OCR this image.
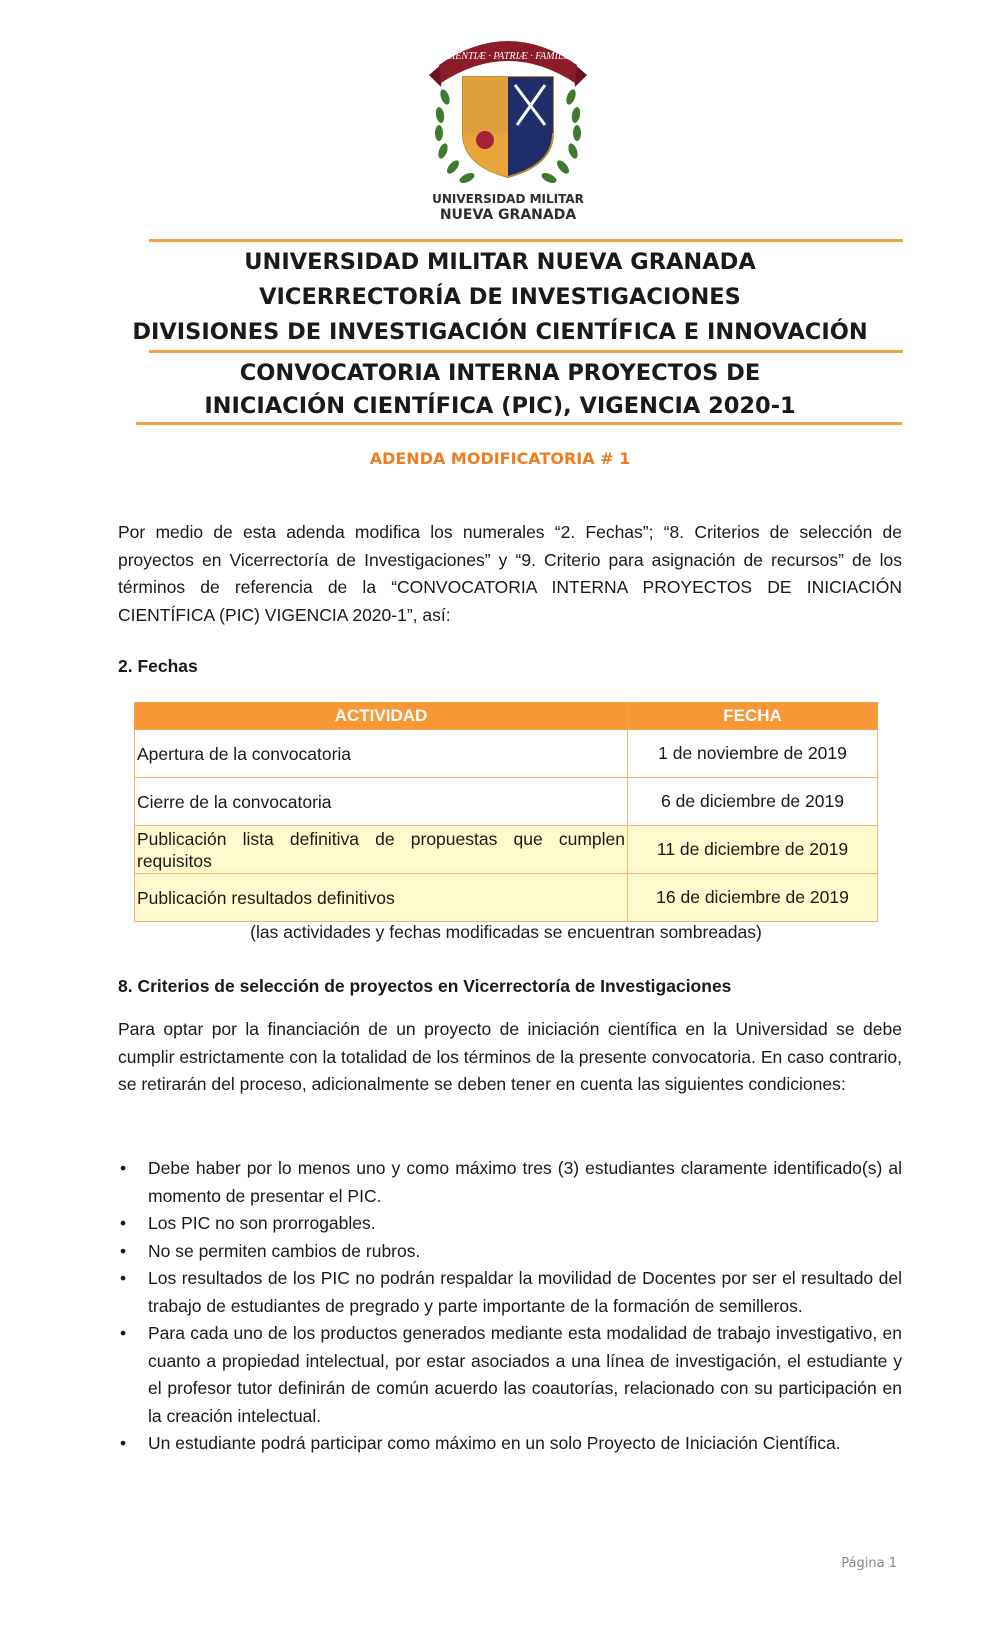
SCIENTIÆ · PATRIÆ · FAMILIÆ
UNIVERSIDAD MILITAR
NUEVA GRANADA
UNIVERSIDAD MILITAR NUEVA GRANADA
VICERRECTORÍA DE INVESTIGACIONES
DIVISIONES DE INVESTIGACIÓN CIENTÍFICA E INNOVACIÓN
CONVOCATORIA INTERNA PROYECTOS DE
INICIACIÓN CIENTÍFICA (PIC), VIGENCIA 2020-1
ADENDA MODIFICATORIA # 1
Por medio de esta adenda modifica los numerales “2. Fechas”; “8. Criterios de selección de proyectos en Vicerrectoría de Investigaciones” y “9. Criterio para asignación de recursos” de los términos de referencia de la “CONVOCATORIA INTERNA PROYECTOS DE INICIACIÓN CIENTÍFICA (PIC) VIGENCIA 2020-1”, así:
2. Fechas
ACTIVIDAD	FECHA
Apertura de la convocatoria	1 de noviembre de 2019
Cierre de la convocatoria	6 de diciembre de 2019
Publicación lista definitiva de propuestas que cumplen requisitos	11 de diciembre de 2019
Publicación resultados definitivos	16 de diciembre de 2019
(las actividades y fechas modificadas se encuentran sombreadas)
8. Criterios de selección de proyectos en Vicerrectoría de Investigaciones
Para optar por la financiación de un proyecto de iniciación científica en la Universidad se debe cumplir estrictamente con la totalidad de los términos de la presente convocatoria. En caso contrario, se retirarán del proceso, adicionalmente se deben tener en cuenta las siguientes condiciones:
• Debe haber por lo menos uno y como máximo tres (3) estudiantes claramente identificado(s) al momento de presentar el PIC.
• Los PIC no son prorrogables.
• No se permiten cambios de rubros.
• Los resultados de los PIC no podrán respaldar la movilidad de Docentes por ser el resultado del trabajo de estudiantes de pregrado y parte importante de la formación de semilleros.
• Para cada uno de los productos generados mediante esta modalidad de trabajo investigativo, en cuanto a propiedad intelectual, por estar asociados a una línea de investigación, el estudiante y el profesor tutor definirán de común acuerdo las coautorías, relacionado con su participación en la creación intelectual.
• Un estudiante podrá participar como máximo en un solo Proyecto de Iniciación Científica.
Página 1
